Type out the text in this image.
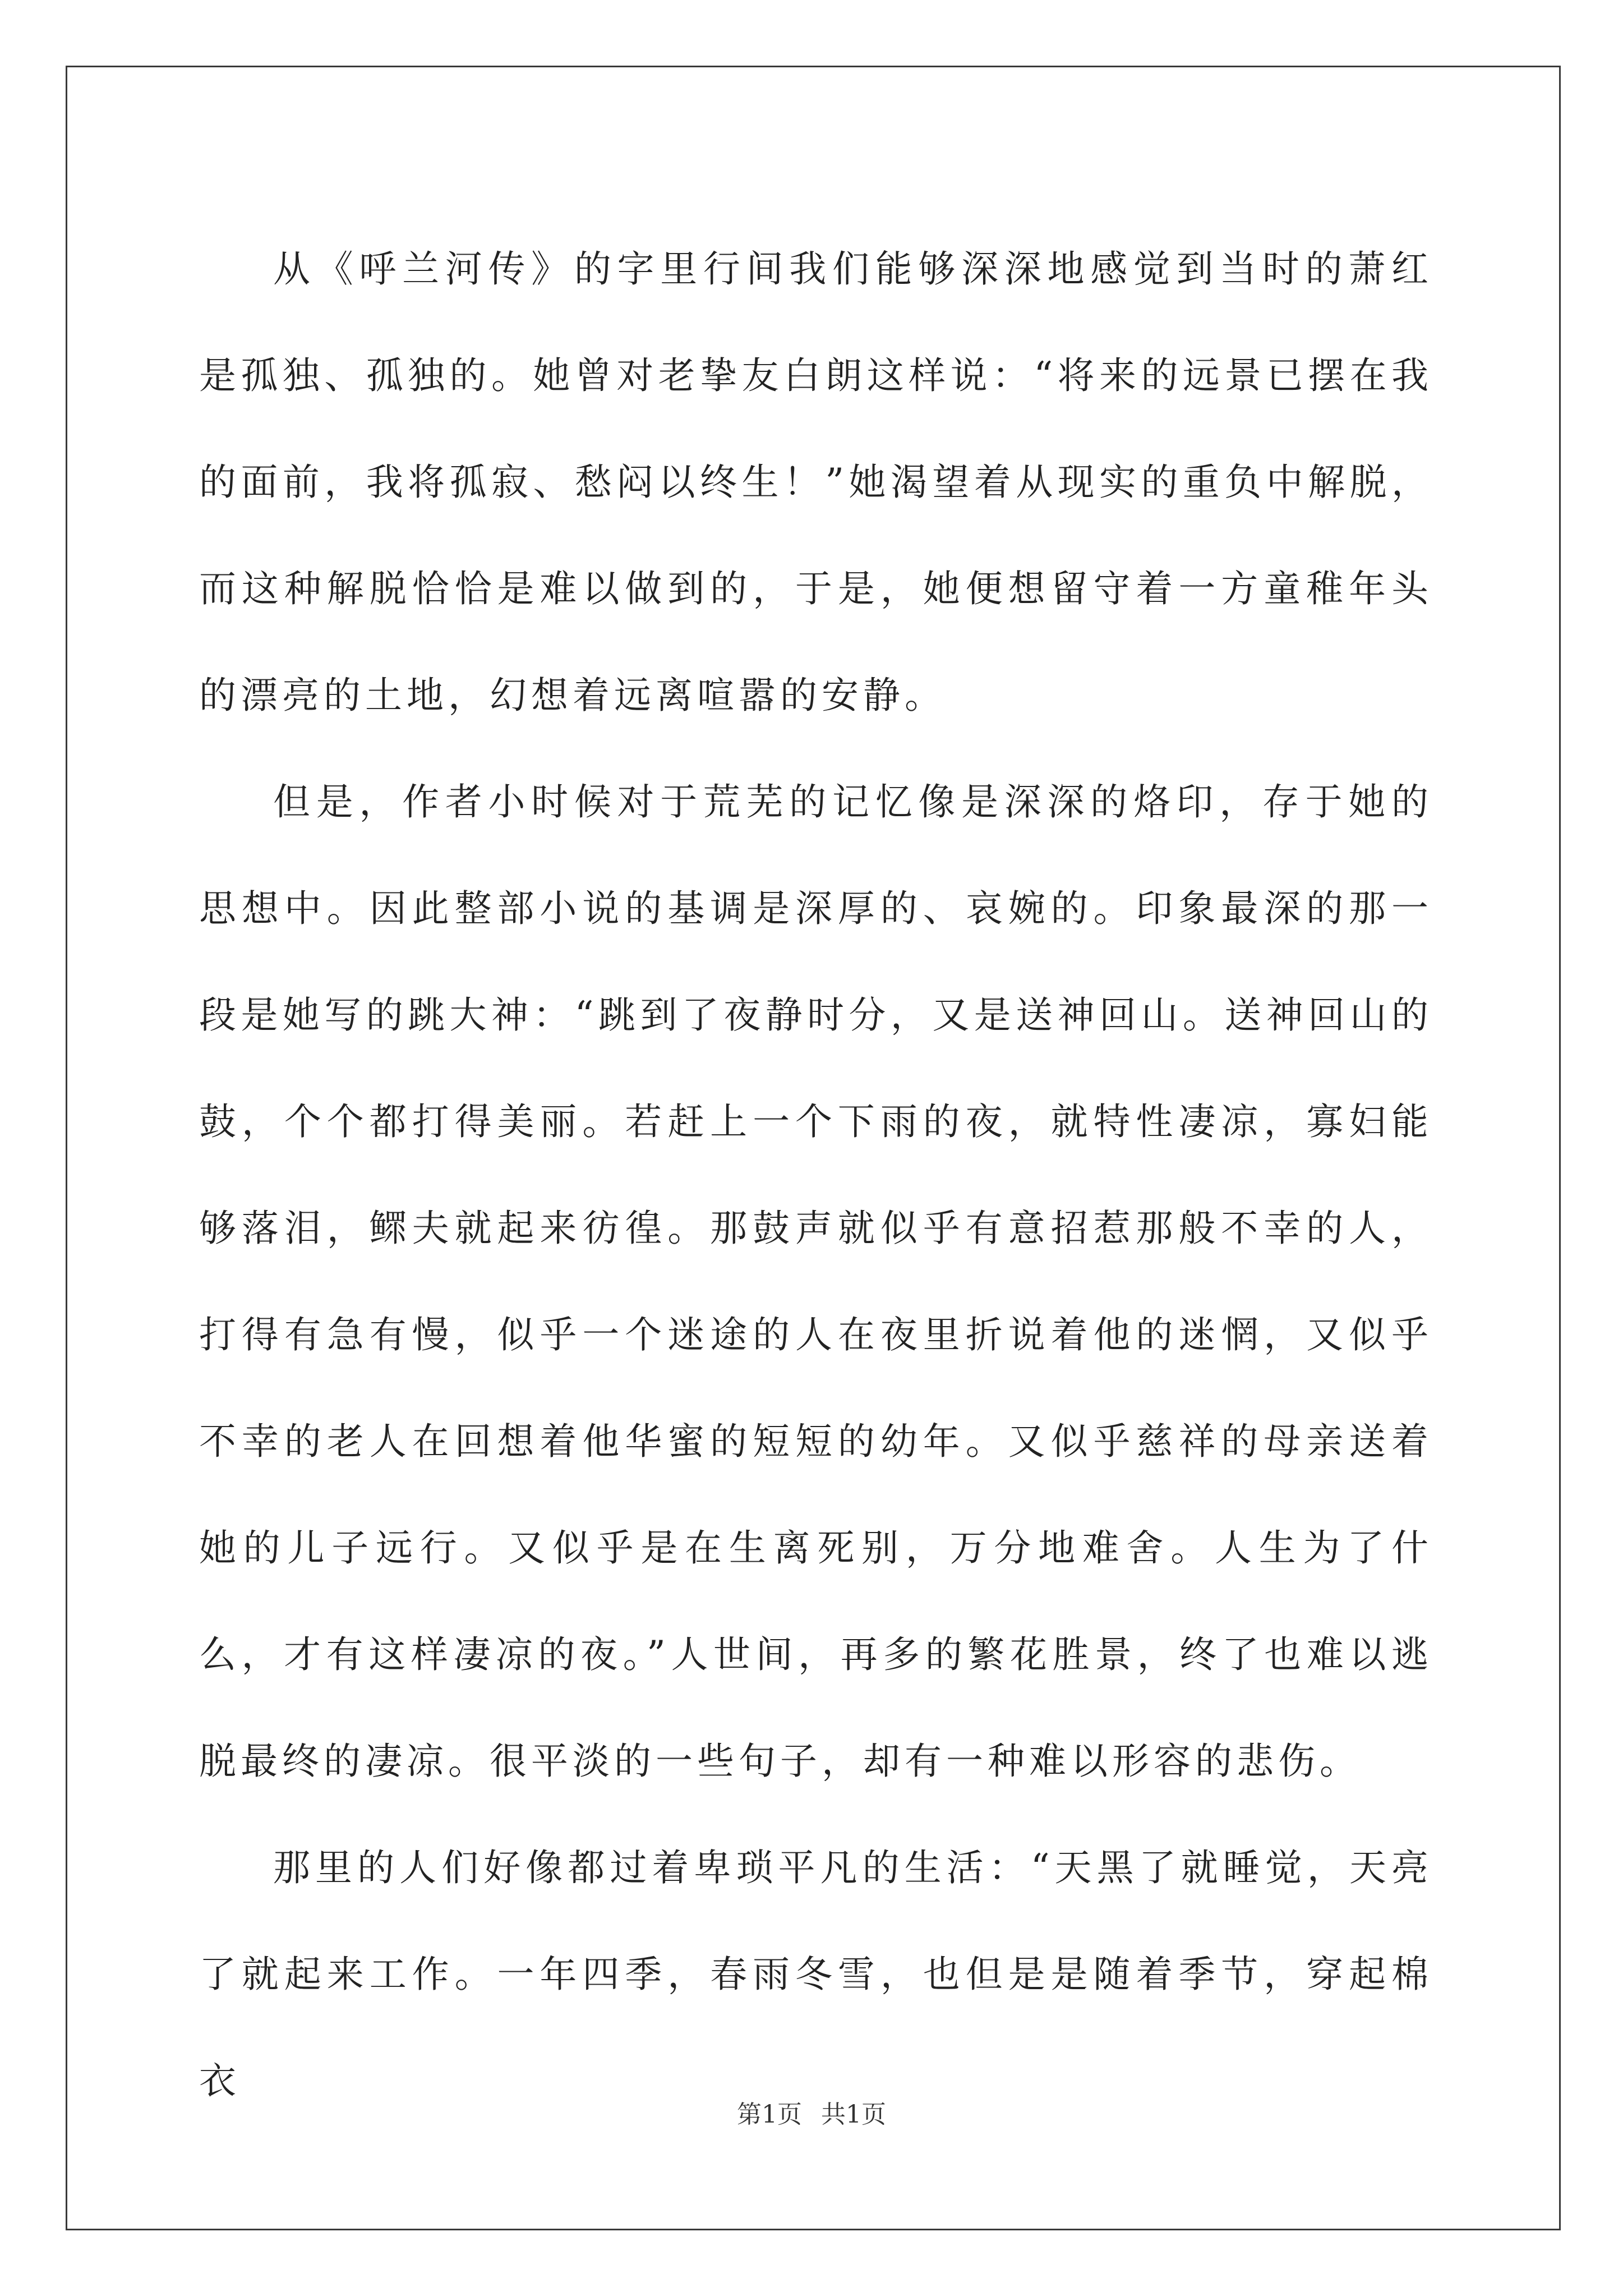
从《呼兰河传》的字里行间我们能够深深地感觉到当时的萧红是孤独、孤独的。她曾对老挚友白朗这样说：“将来的远景已摆在我的面前，我将孤寂、愁闷以终生！”她渴望着从现实的重负中解脱，而这种解脱恰恰是难以做到的，于是，她便想留守着一方童稚年头的漂亮的土地，幻想着远离喧嚣的安静。

但是，作者小时候对于荒芜的记忆像是深深的烙印，存于她的思想中。因此整部小说的基调是深厚的、哀婉的。印象最深的那一段是她写的跳大神：“跳到了夜静时分，又是送神回山。送神回山的鼓，个个都打得美丽。若赶上一个下雨的夜，就特性凄凉，寡妇能够落泪，鳏夫就起来彷徨。那鼓声就似乎有意招惹那般不幸的人，打得有急有慢，似乎一个迷途的人在夜里折说着他的迷惘，又似乎不幸的老人在回想着他华蜜的短短的幼年。又似乎慈祥的母亲送着她的儿子远行。又似乎是在生离死别，万分地难舍。人生为了什么，才有这样凄凉的夜。”人世间，再多的繁花胜景，终了也难以逃脱最终的凄凉。很平淡的一些句子，却有一种难以形容的悲伤。

那里的人们好像都过着卑琐平凡的生活：“天黑了就睡觉，天亮了就起来工作。一年四季，春雨冬雪，也但是是随着季节，穿起棉衣

第1页 共1页
